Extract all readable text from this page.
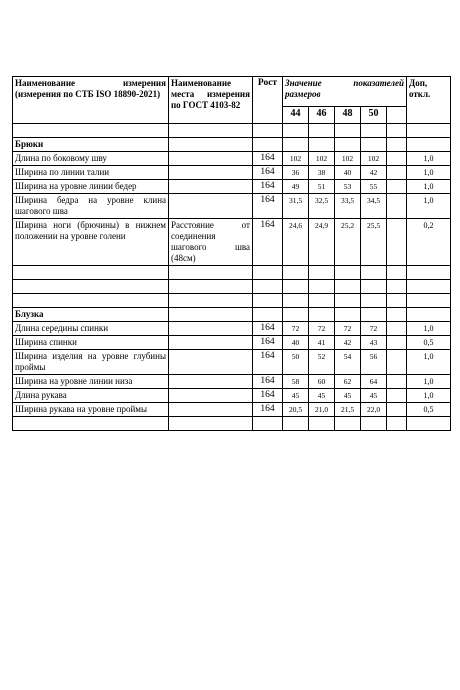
Наименование измерения (измерения по СТБ ISO 18890-2021)	Наименование места измерения по ГОСТ 4103-82	Рост	Значение показателей размеров					Доп, откл.
			44	46	48	50		

Брюки								
Длина по боковому шву		164	102	102	102	102		1,0
Ширина по линии талии		164	36	38	40	42		1,0
Ширина на уровне линии бедер		164	49	51	53	55		1,0
Ширина бедра на уровне клина шагового шва		164	31,5	32,5	33,5	34,5		1,0
Ширина ноги (брючины) в нижнем положении на уровне голени	Расстояние от соединения шагового шва (48см)	164	24,6	24,9	25,2	25,5		0,2

Блузка								
Длина середины спинки		164	72	72	72	72		1,0
Ширина спинки		164	40	41	42	43		0,5
Ширина изделия на уровне глубины проймы		164	50	52	54	56		1,0
Ширина на уровне линии низа		164	58	60	62	64		1,0
Длина рукава		164	45	45	45	45		1,0
Ширина рукава на уровне проймы		164	20,5	21,0	21,5	22,0		0,5
